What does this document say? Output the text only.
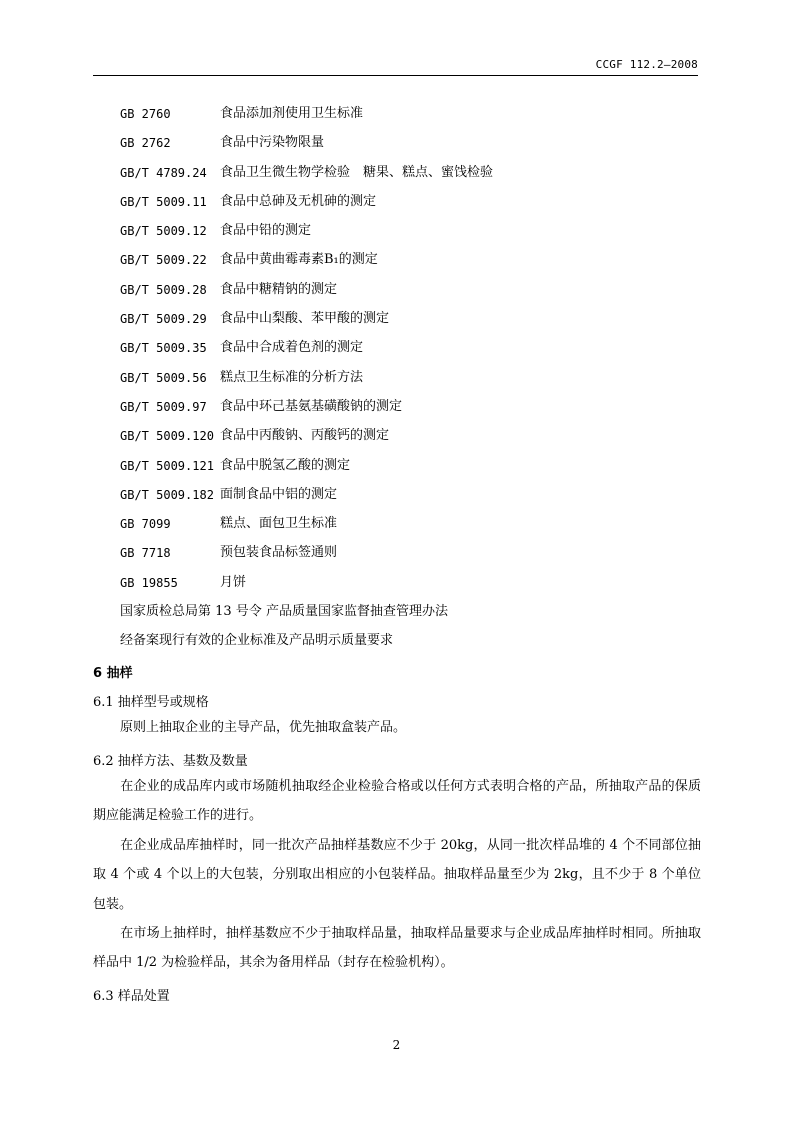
CCGF 112.2—2008
GB 2760	食品添加剂使用卫生标准
GB 2762	食品中污染物限量
GB/T 4789.24	食品卫生微生物学检验　糖果、糕点、蜜饯检验
GB/T 5009.11	食品中总砷及无机砷的测定
GB/T 5009.12	食品中铅的测定
GB/T 5009.22	食品中黄曲霉毒素B₁的测定
GB/T 5009.28	食品中糖精钠的测定
GB/T 5009.29	食品中山梨酸、苯甲酸的测定
GB/T 5009.35	食品中合成着色剂的测定
GB/T 5009.56	糕点卫生标准的分析方法
GB/T 5009.97	食品中环己基氨基磺酸钠的测定
GB/T 5009.120 食品中丙酸钠、丙酸钙的测定
GB/T 5009.121 食品中脱氢乙酸的测定
GB/T 5009.182 面制食品中铝的测定
GB 7099	糕点、面包卫生标准
GB 7718	预包装食品标签通则
GB 19855	月饼
国家质检总局第 13 号令 产品质量国家监督抽查管理办法
经备案现行有效的企业标准及产品明示质量要求
6 抽样
6.1 抽样型号或规格
原则上抽取企业的主导产品，优先抽取盒装产品。
6.2 抽样方法、基数及数量
在企业的成品库内或市场随机抽取经企业检验合格或以任何方式表明合格的产品，所抽取产品的保质期应能满足检验工作的进行。
在企业成品库抽样时，同一批次产品抽样基数应不少于 20kg，从同一批次样品堆的 4 个不同部位抽取 4 个或 4 个以上的大包装，分别取出相应的小包装样品。抽取样品量至少为 2kg，且不少于 8 个单位包装。
在市场上抽样时，抽样基数应不少于抽取样品量，抽取样品量要求与企业成品库抽样时相同。所抽取样品中 1/2 为检验样品，其余为备用样品（封存在检验机构）。
6.3 样品处置
2
